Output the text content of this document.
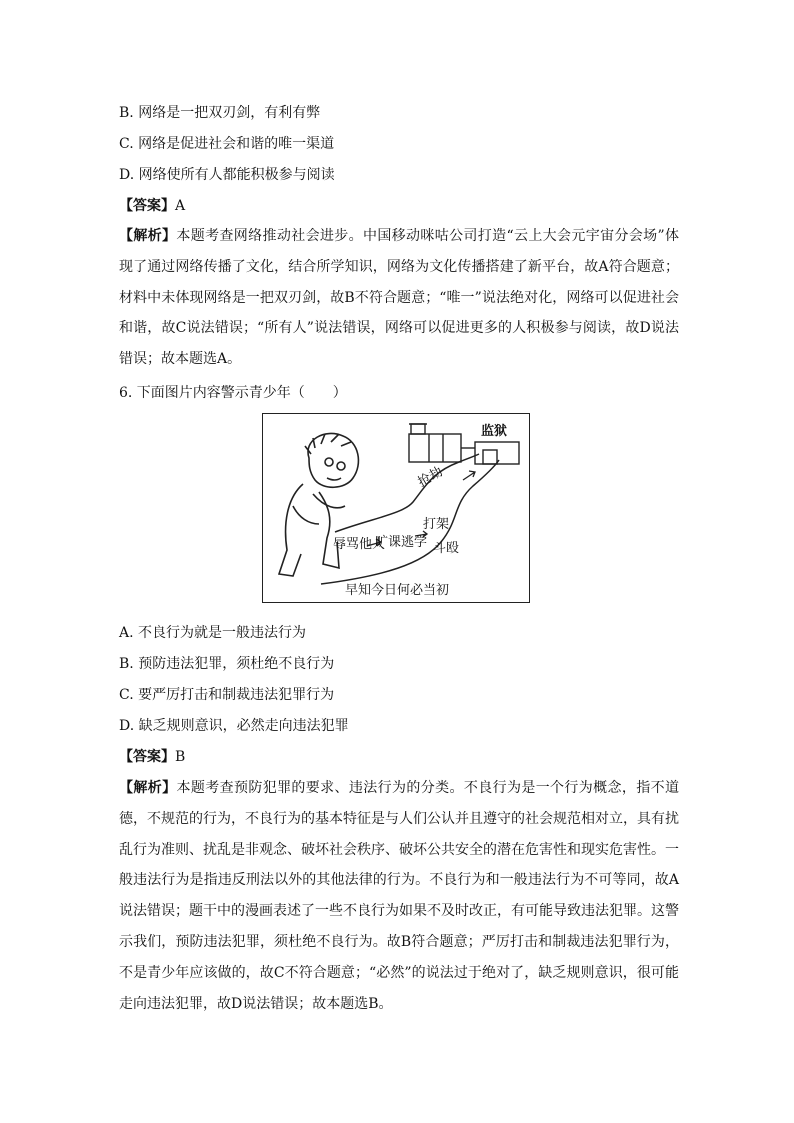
B. 网络是一把双刃剑，有利有弊
C. 网络是促进社会和谐的唯一渠道
D. 网络使所有人都能积极参与阅读
【答案】A
【解析】本题考查网络推动社会进步。中国移动咪咕公司打造“云上大会元宇宙分会场”体现了通过网络传播了文化，结合所学知识，网络为文化传播搭建了新平台，故A符合题意；材料中未体现网络是一把双刃剑，故B不符合题意；“唯一”说法绝对化，网络可以促进社会和谐，故C说法错误；“所有人”说法错误，网络可以促进更多的人积极参与阅读，故D说法错误；故本题选A。
6. 下面图片内容警示青少年（　　）
监狱
抢劫
打架
斗殴
辱骂他人
旷课逃学
早知今日何必当初
A. 不良行为就是一般违法行为
B. 预防违法犯罪，须杜绝不良行为
C. 要严厉打击和制裁违法犯罪行为
D. 缺乏规则意识，必然走向违法犯罪
【答案】B
【解析】本题考查预防犯罪的要求、违法行为的分类。不良行为是一个行为概念，指不道德，不规范的行为，不良行为的基本特征是与人们公认并且遵守的社会规范相对立，具有扰乱行为准则、扰乱是非观念、破坏社会秩序、破坏公共安全的潜在危害性和现实危害性。一般违法行为是指违反刑法以外的其他法律的行为。不良行为和一般违法行为不可等同，故A说法错误；题干中的漫画表述了一些不良行为如果不及时改正，有可能导致违法犯罪。这警示我们，预防违法犯罪，须杜绝不良行为。故B符合题意；严厉打击和制裁违法犯罪行为，不是青少年应该做的，故C不符合题意；“必然”的说法过于绝对了，缺乏规则意识，很可能走向违法犯罪，故D说法错误；故本题选B。
